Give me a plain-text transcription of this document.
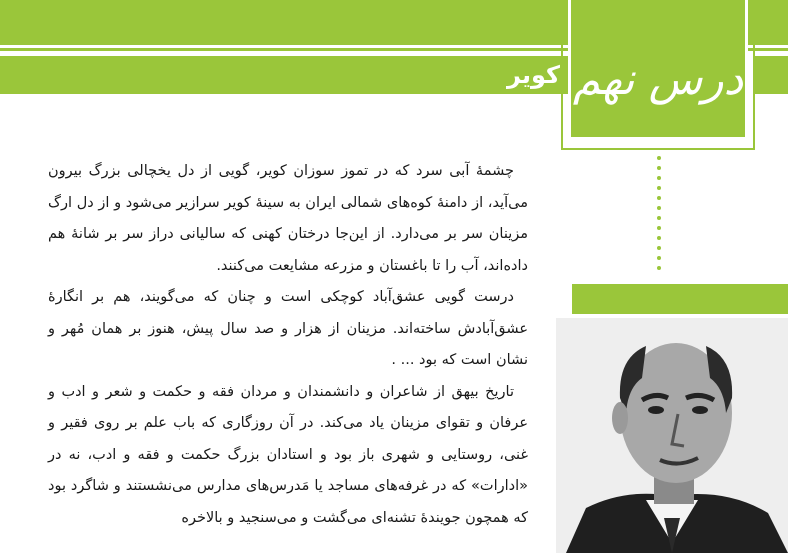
کویر درس نهم

چشمۀ آبی سرد که در تموز سوزان کویر، گویی از دل یخچالی بزرگ بیرون می‌آید، از دامنۀ کوه‌های شمالی ایران به سینۀ کویر سرازیر می‌شود و از دل ارگ مزینان سر بر می‌دارد. از این‌جا درختان کهنی که سالیانی دراز سر بر شانۀ هم داده‌اند، آب را تا باغستان و مزرعه مشایعت می‌کنند.

درست گویی عشق‌آباد کوچکی است و چنان که می‌گویند، هم بر انگارۀ عشق‌آبادش ساخته‌اند. مزینان از هزار و صد سال پیش، هنوز بر همان مُهر و نشان است که بود ... .

تاریخ بیهق از شاعران و دانشمندان و مردان فقه و حکمت و شعر و ادب و عرفان و تقوای مزینان یاد می‌کند. در آن روزگاری که باب علم بر روی فقیر و غنی، روستایی و شهری باز بود و استادان بزرگ حکمت و فقه و ادب، نه در «ادارات» که در غرفه‌های مساجد یا مَدرس‌های مدارس می‌نشستند و شاگرد بود که همچون جویندۀ تشنه‌ای می‌گشت و می‌سنجید و بالاخره
